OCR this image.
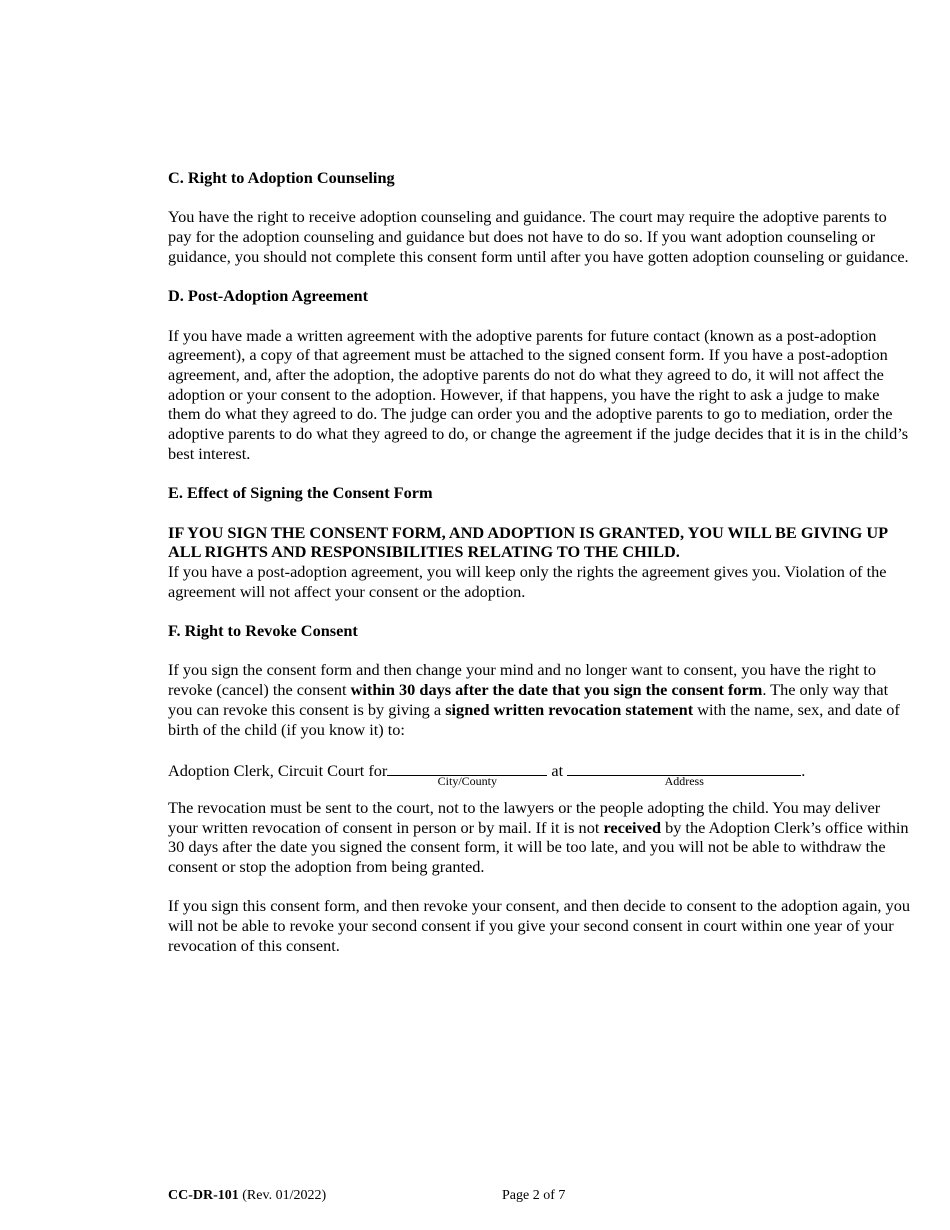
C. Right to Adoption Counseling

You have the right to receive adoption counseling and guidance. The court may require the adoptive parents to pay for the adoption counseling and guidance but does not have to do so. If you want adoption counseling or guidance, you should not complete this consent form until after you have gotten adoption counseling or guidance.

D. Post-Adoption Agreement

If you have made a written agreement with the adoptive parents for future contact (known as a post-adoption agreement), a copy of that agreement must be attached to the signed consent form. If you have a post-adoption agreement, and, after the adoption, the adoptive parents do not do what they agreed to do, it will not affect the adoption or your consent to the adoption. However, if that happens, you have the right to ask a judge to make them do what they agreed to do. The judge can order you and the adoptive parents to go to mediation, order the adoptive parents to do what they agreed to do, or change the agreement if the judge decides that it is in the child’s best interest.

E. Effect of Signing the Consent Form

IF YOU SIGN THE CONSENT FORM, AND ADOPTION IS GRANTED, YOU WILL BE GIVING UP ALL RIGHTS AND RESPONSIBILITIES RELATING TO THE CHILD.

If you have a post-adoption agreement, you will keep only the rights the agreement gives you. Violation of the agreement will not affect your consent or the adoption.

F. Right to Revoke Consent

If you sign the consent form and then change your mind and no longer want to consent, you have the right to revoke (cancel) the consent within 30 days after the date that you sign the consent form. The only way that you can revoke this consent is by giving a signed written revocation statement with the name, sex, and date of birth of the child (if you know it) to:

Adoption Clerk, Circuit Court for
City/County
at
Address
.

The revocation must be sent to the court, not to the lawyers or the people adopting the child. You may deliver your written revocation of consent in person or by mail. If it is not received by the Adoption Clerk’s office within 30 days after the date you signed the consent form, it will be too late, and you will not be able to withdraw the consent or stop the adoption from being granted.

If you sign this consent form, and then revoke your consent, and then decide to consent to the adoption again, you will not be able to revoke your second consent if you give your second consent in court within one year of your revocation of this consent.

CC-DR-101 (Rev. 01/2022)	Page 2 of 7
